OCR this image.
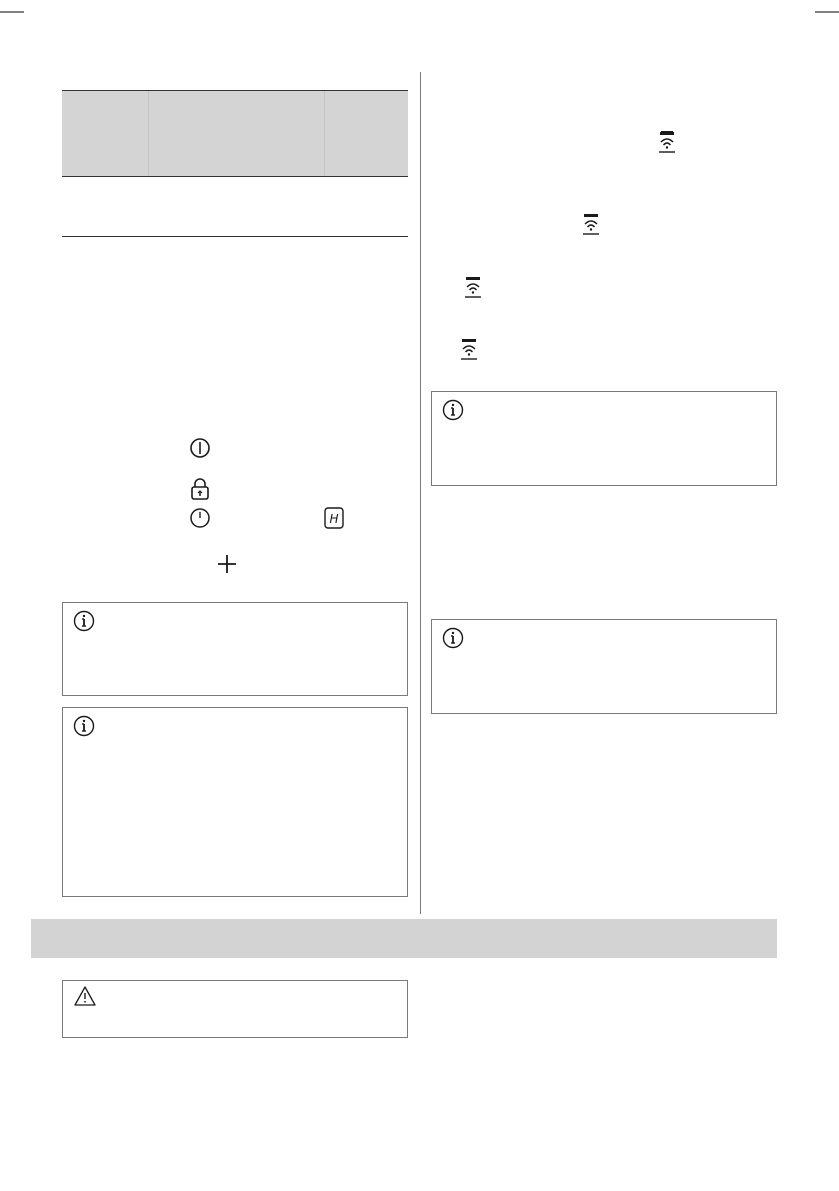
H
